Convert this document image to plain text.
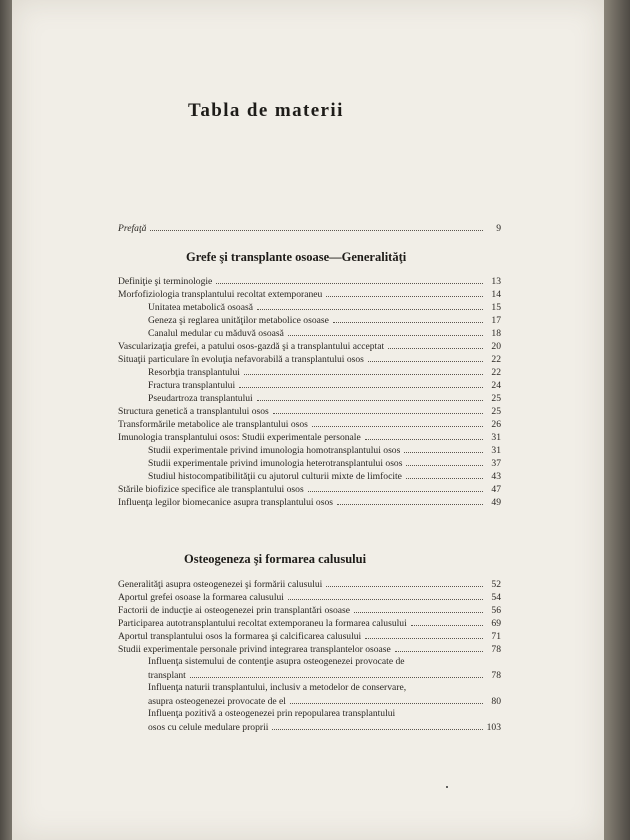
Tabla de materii
Prefaţă	9
Grefe şi transplante osoase—Generalităţi
Definiţie şi terminologie	13
Morfofiziologia transplantului recoltat extemporaneu	14
Unitatea metabolică osoasă	15
Geneza şi reglarea unităţilor metabolice osoase	17
Canalul medular cu măduvă osoasă	18
Vascularizaţia grefei, a patului osos-gazdă şi a transplantului acceptat	20
Situaţii particulare în evoluţia nefavorabilă a transplantului osos	22
Resorbţia transplantului	22
Fractura transplantului	24
Pseudartroza transplantului	25
Structura genetică a transplantului osos	25
Transformările metabolice ale transplantului osos	26
Imunologia transplantului osos: Studii experimentale personale	31
Studii experimentale privind imunologia homotransplantului osos	31
Studii experimentale privind imunologia heterotransplantului osos	37
Studiul histocompatibilităţii cu ajutorul culturii mixte de limfocite	43
Stările biofizice specifice ale transplantului osos	47
Influenţa legilor biomecanice asupra transplantului osos	49
Osteogeneza şi formarea calusului
Generalităţi asupra osteogenezei şi formării calusului	52
Aportul grefei osoase la formarea calusului	54
Factorii de inducţie ai osteogenezei prin transplantări osoase	56
Participarea autotransplantului recoltat extemporaneu la formarea calusului	69
Aportul transplantului osos la formarea şi calcificarea calusului	71
Studii experimentale personale privind integrarea transplantelor osoase	78
Influenţa sistemului de contenţie asupra osteogenezei provocate de
transplant	78
Influenţa naturii transplantului, inclusiv a metodelor de conservare,
asupra osteogenezei provocate de el	80
Influenţa pozitivă a osteogenezei prin repopularea transplantului
osos cu celule medulare proprii	103
